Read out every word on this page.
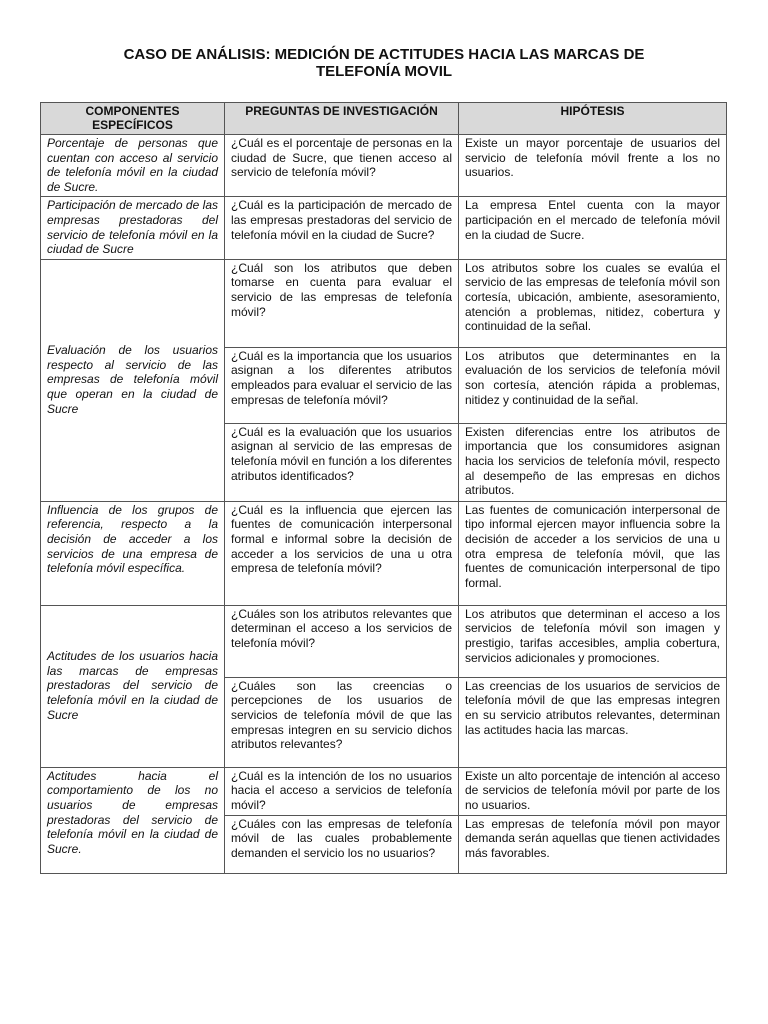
CASO DE ANÁLISIS: MEDICIÓN DE ACTITUDES HACIA LAS MARCAS DE
TELEFONÍA MOVIL
COMPONENTES ESPECÍFICOS	PREGUNTAS DE INVESTIGACIÓN	HIPÓTESIS
Porcentaje de personas que cuentan con acceso al servicio de telefonía móvil en la ciudad de Sucre.	¿Cuál es el porcentaje de personas en la ciudad de Sucre, que tienen acceso al servicio de telefonía móvil?	Existe un mayor porcentaje de usuarios del servicio de telefonía móvil frente a los no usuarios.
Participación de mercado de las empresas prestadoras del servicio de telefonía móvil en la ciudad de Sucre	¿Cuál es la participación de mercado de las empresas prestadoras del servicio de telefonía móvil en la ciudad de Sucre?	La empresa Entel cuenta con la mayor participación en el mercado de telefonía móvil en la ciudad de Sucre.
Evaluación de los usuarios respecto al servicio de las empresas de telefonía móvil que operan en la ciudad de Sucre	¿Cuál son los atributos que deben tomarse en cuenta para evaluar el servicio de las empresas de telefonía móvil?	Los atributos sobre los cuales se evalúa el servicio de las empresas de telefonía móvil son cortesía, ubicación, ambiente, asesoramiento, atención a problemas, nitidez, cobertura y continuidad de la señal.
	¿Cuál es la importancia que los usuarios asignan a los diferentes atributos empleados para evaluar el servicio de las empresas de telefonía móvil?	Los atributos que determinantes en la evaluación de los servicios de telefonía móvil son cortesía, atención rápida a problemas, nitidez y continuidad de la señal.
	¿Cuál es la evaluación que los usuarios asignan al servicio de las empresas de telefonía móvil en función a los diferentes atributos identificados?	Existen diferencias entre los atributos de importancia que los consumidores asignan hacia los servicios de telefonía móvil, respecto al desempeño de las empresas en dichos atributos.
Influencia de los grupos de referencia, respecto a la decisión de acceder a los servicios de una empresa de telefonía móvil específica.	¿Cuál es la influencia que ejercen las fuentes de comunicación interpersonal formal e informal sobre la decisión de acceder a los servicios de una u otra empresa de telefonía móvil?	Las fuentes de comunicación interpersonal de tipo informal ejercen mayor influencia sobre la decisión de acceder a los servicios de una u otra empresa de telefonía móvil, que las fuentes de comunicación interpersonal de tipo formal.
Actitudes de los usuarios hacia las marcas de empresas prestadoras del servicio de telefonía móvil en la ciudad de Sucre	¿Cuáles son los atributos relevantes que determinan el acceso a los servicios de telefonía móvil?	Los atributos que determinan el acceso a los servicios de telefonía móvil son imagen y prestigio, tarifas accesibles, amplia cobertura, servicios adicionales y promociones.
	¿Cuáles son las creencias o percepciones de los usuarios de servicios de telefonía móvil de que las empresas integren en su servicio dichos atributos relevantes?	Las creencias de los usuarios de servicios de telefonía móvil de que las empresas integren en su servicio atributos relevantes, determinan las actitudes hacia las marcas.
Actitudes hacia el comportamiento de los no usuarios de empresas prestadoras del servicio de telefonía móvil en la ciudad de Sucre.	¿Cuál es la intención de los no usuarios hacia el acceso a servicios de telefonía móvil?	Existe un alto porcentaje de intención al acceso de servicios de telefonía móvil por parte de los no usuarios.
	¿Cuáles con las empresas de telefonía móvil de las cuales probablemente demanden el servicio los no usuarios?	Las empresas de telefonía móvil pon mayor demanda serán aquellas que tienen actividades más favorables.
